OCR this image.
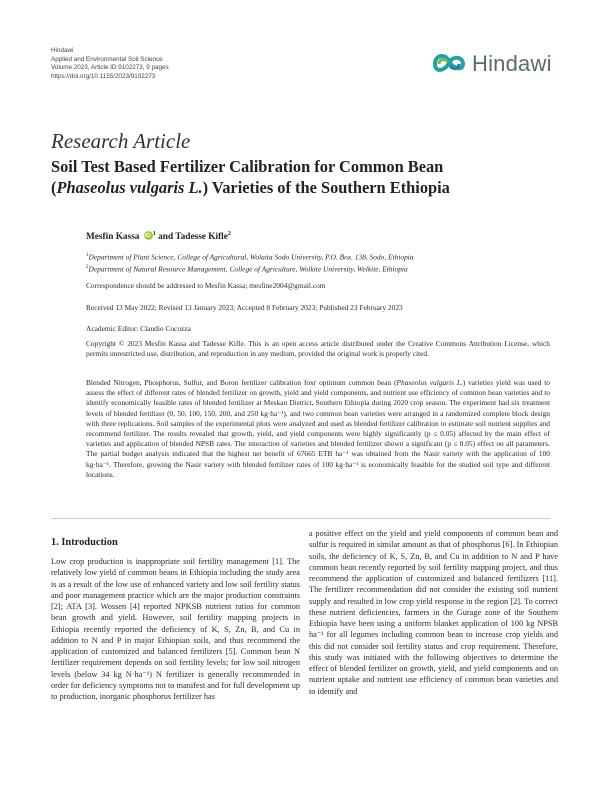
Hindawi
Applied and Environmental Soil Science
Volume 2023, Article ID 9102273, 9 pages
https://doi.org/10.1155/2023/9102273
Hindawi
Research Article
Soil Test Based Fertilizer Calibration for Common Bean
(Phaseolus vulgaris L.) Varieties of the Southern Ethiopia
Mesfin Kassa iD $^1$ and Tadesse Kifle$^2$
$^1$Department of Plant Science, College of Agricultural, Wolaita Sodo University, P.O. Box. 138, Sodo, Ethiopia
$^2$Department of Natural Resource Management, College of Agriculture, Wolkite University, Welkite, Ethiopia
Correspondence should be addressed to Mesfin Kassa; mesfine2004@gmail.com
Received 13 May 2022; Revised 13 January 2023; Accepted 8 February 2023; Published 23 February 2023
Academic Editor: Claudio Cocozza
Copyright © 2023 Mesfin Kassa and Tadesse Kifle. This is an open access article distributed under the Creative Commons Attribution License, which permits unrestricted use, distribution, and reproduction in any medium, provided the original work is properly cited.
Blended Nitrogen, Phosphorus, Sulfur, and Boron fertilizer calibration foxr optimum common bean (Phaseolus vulgaris L.) varieties yield was used to assess the effect of different rates of blended fertilizer on growth, yield and yield components, and nutrient use efficiency of common bean varieties and to identify economically feasible rates of blended fertilizer at Meskan District, Southern Ethiopia during 2020 crop season. The experiment had six treatment levels of blended fertilizer (0, 50, 100, 150, 200, and 250 kg·ha⁻¹), and two common bean varieties were arranged in a randomized complete block design with three replications. Soil samples of the experimental plots were analyzed and used as blended fertilizer calibration to estimate soil nutrient supplies and recommend fertilizer. The results revealed that growth, yield, and yield components were highly significantly (p ≤ 0.05) affected by the main effect of varieties and application of blended NPSB rates. The interaction of varieties and blended fertilizer shown a significant (p ≤ 0.05) effect on all parameters. The partial budget analysis indicated that the highest net benefit of 67665 ETB ha⁻¹ was obtained from the Nasir variety with the application of 100 kg·ha⁻¹. Therefore, growing the Nasir variety with blended fertilizer rates of 100 kg·ha⁻¹ is economically feasible for the studied soil type and different locations.
1. Introduction
Low crop production is inappropriate soil fertility management [1]. The relatively low yield of common beans in Ethiopia including the study area is as a result of the low use of enhanced variety and low soil fertility status and poor management practice which are the major production constraints [2]; ATA [3]. Wossen [4] reported NPKSB nutrient ratios for common bean growth and yield. However, soil fertility mapping projects in Ethiopia recently reported the deficiency of K, S, Zn, B, and Cu in addition to N and P in major Ethiopian soils, and thus recommend the application of customized and balanced fertilizers [5]. Common bean N fertilizer requirement depends on soil fertility levels; for low soil nitrogen levels (below 34 kg N·ha⁻¹) N fertilizer is generally recommended in order for deficiency symptoms not to manifest and for full development up to production, inorganic phosphorus fertilizer has
a positive effect on the yield and yield components of common bean and sulfur is required in similar amount as that of phosphorus [6]. In Ethiopian soils, the deficiency of K, S, Zn, B, and Cu in addition to N and P have common bean recently reported by soil fertility mapping project, and thus recommend the application of customized and balanced fertilizers [11]. The fertilizer recommendation did not consider the existing soil nutrient supply and resulted in low crop yield response in the region [2]. To correct these nutrient deficiencies, farmers in the Gurage zone of the Southern Ethiopia have been using a uniform blanket application of 100 kg NPSB ha⁻¹ for all legumes including common bean to increase crop yields and this did not consider soil fertility status and crop requirement. Therefore, this study was initiated with the following objectives to determine the effect of blended fertilizer on growth, yield, and yield components and on nutrient uptake and nutrient use efficiency of common bean varieties and to identify and
